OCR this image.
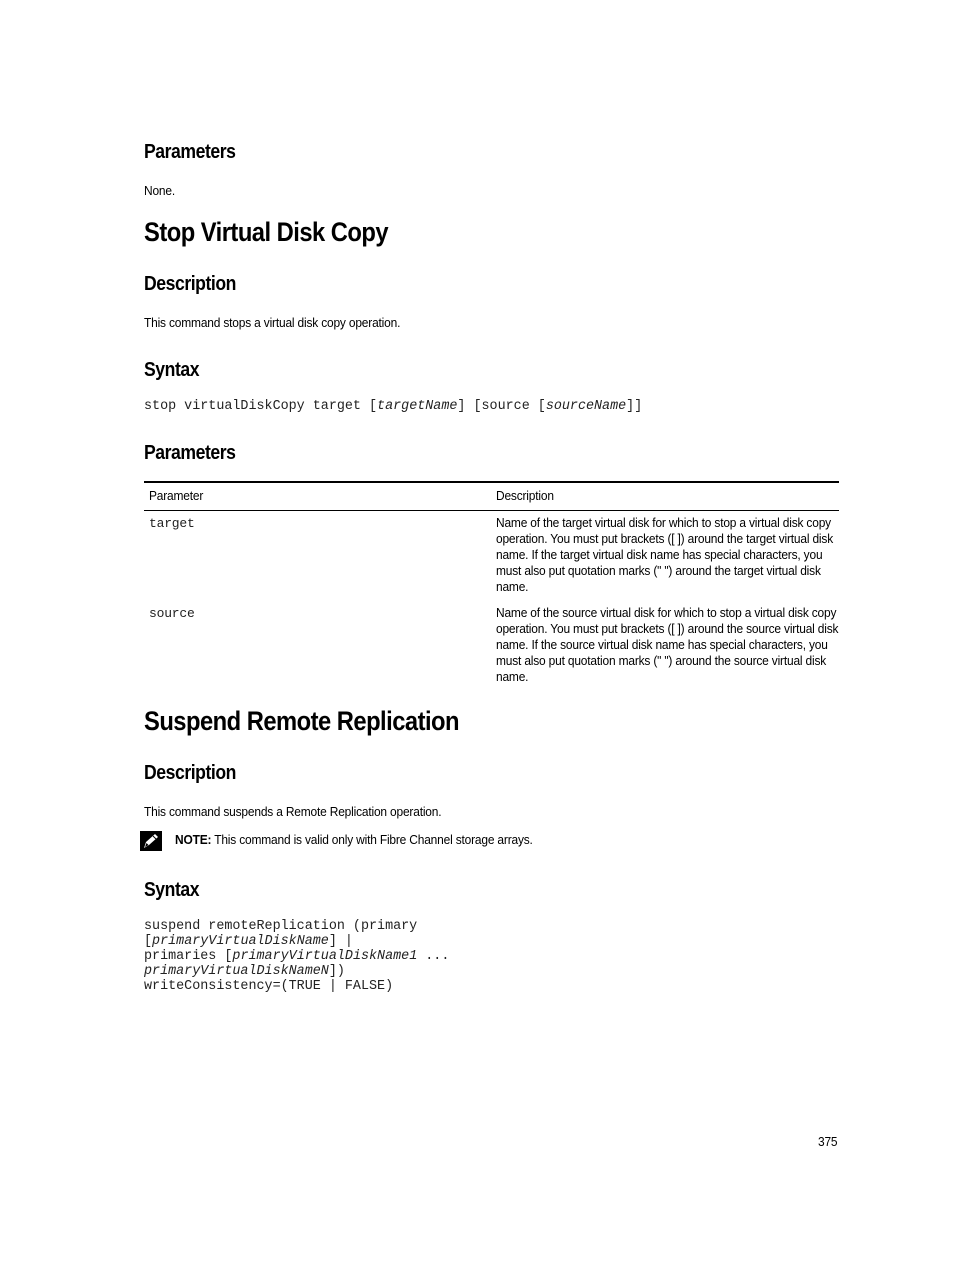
Parameters
None.
Stop Virtual Disk Copy
Description
This command stops a virtual disk copy operation.
Syntax
stop virtualDiskCopy target [targetName] [source [sourceName]]
Parameters
Parameter	Description
target	Name of the target virtual disk for which to stop a virtual disk copy operation. You must put brackets ([ ]) around the target virtual disk name. If the target virtual disk name has special characters, you must also put quotation marks (" ") around the target virtual disk name.
source	Name of the source virtual disk for which to stop a virtual disk copy operation. You must put brackets ([ ]) around the source virtual disk name. If the source virtual disk name has special characters, you must also put quotation marks (" ") around the source virtual disk name.
Suspend Remote Replication
Description
This command suspends a Remote Replication operation.
NOTE: This command is valid only with Fibre Channel storage arrays.
Syntax
suspend remoteReplication (primary
[primaryVirtualDiskName] |
primaries [primaryVirtualDiskName1 ...
primaryVirtualDiskNameN])
writeConsistency=(TRUE | FALSE)
375
